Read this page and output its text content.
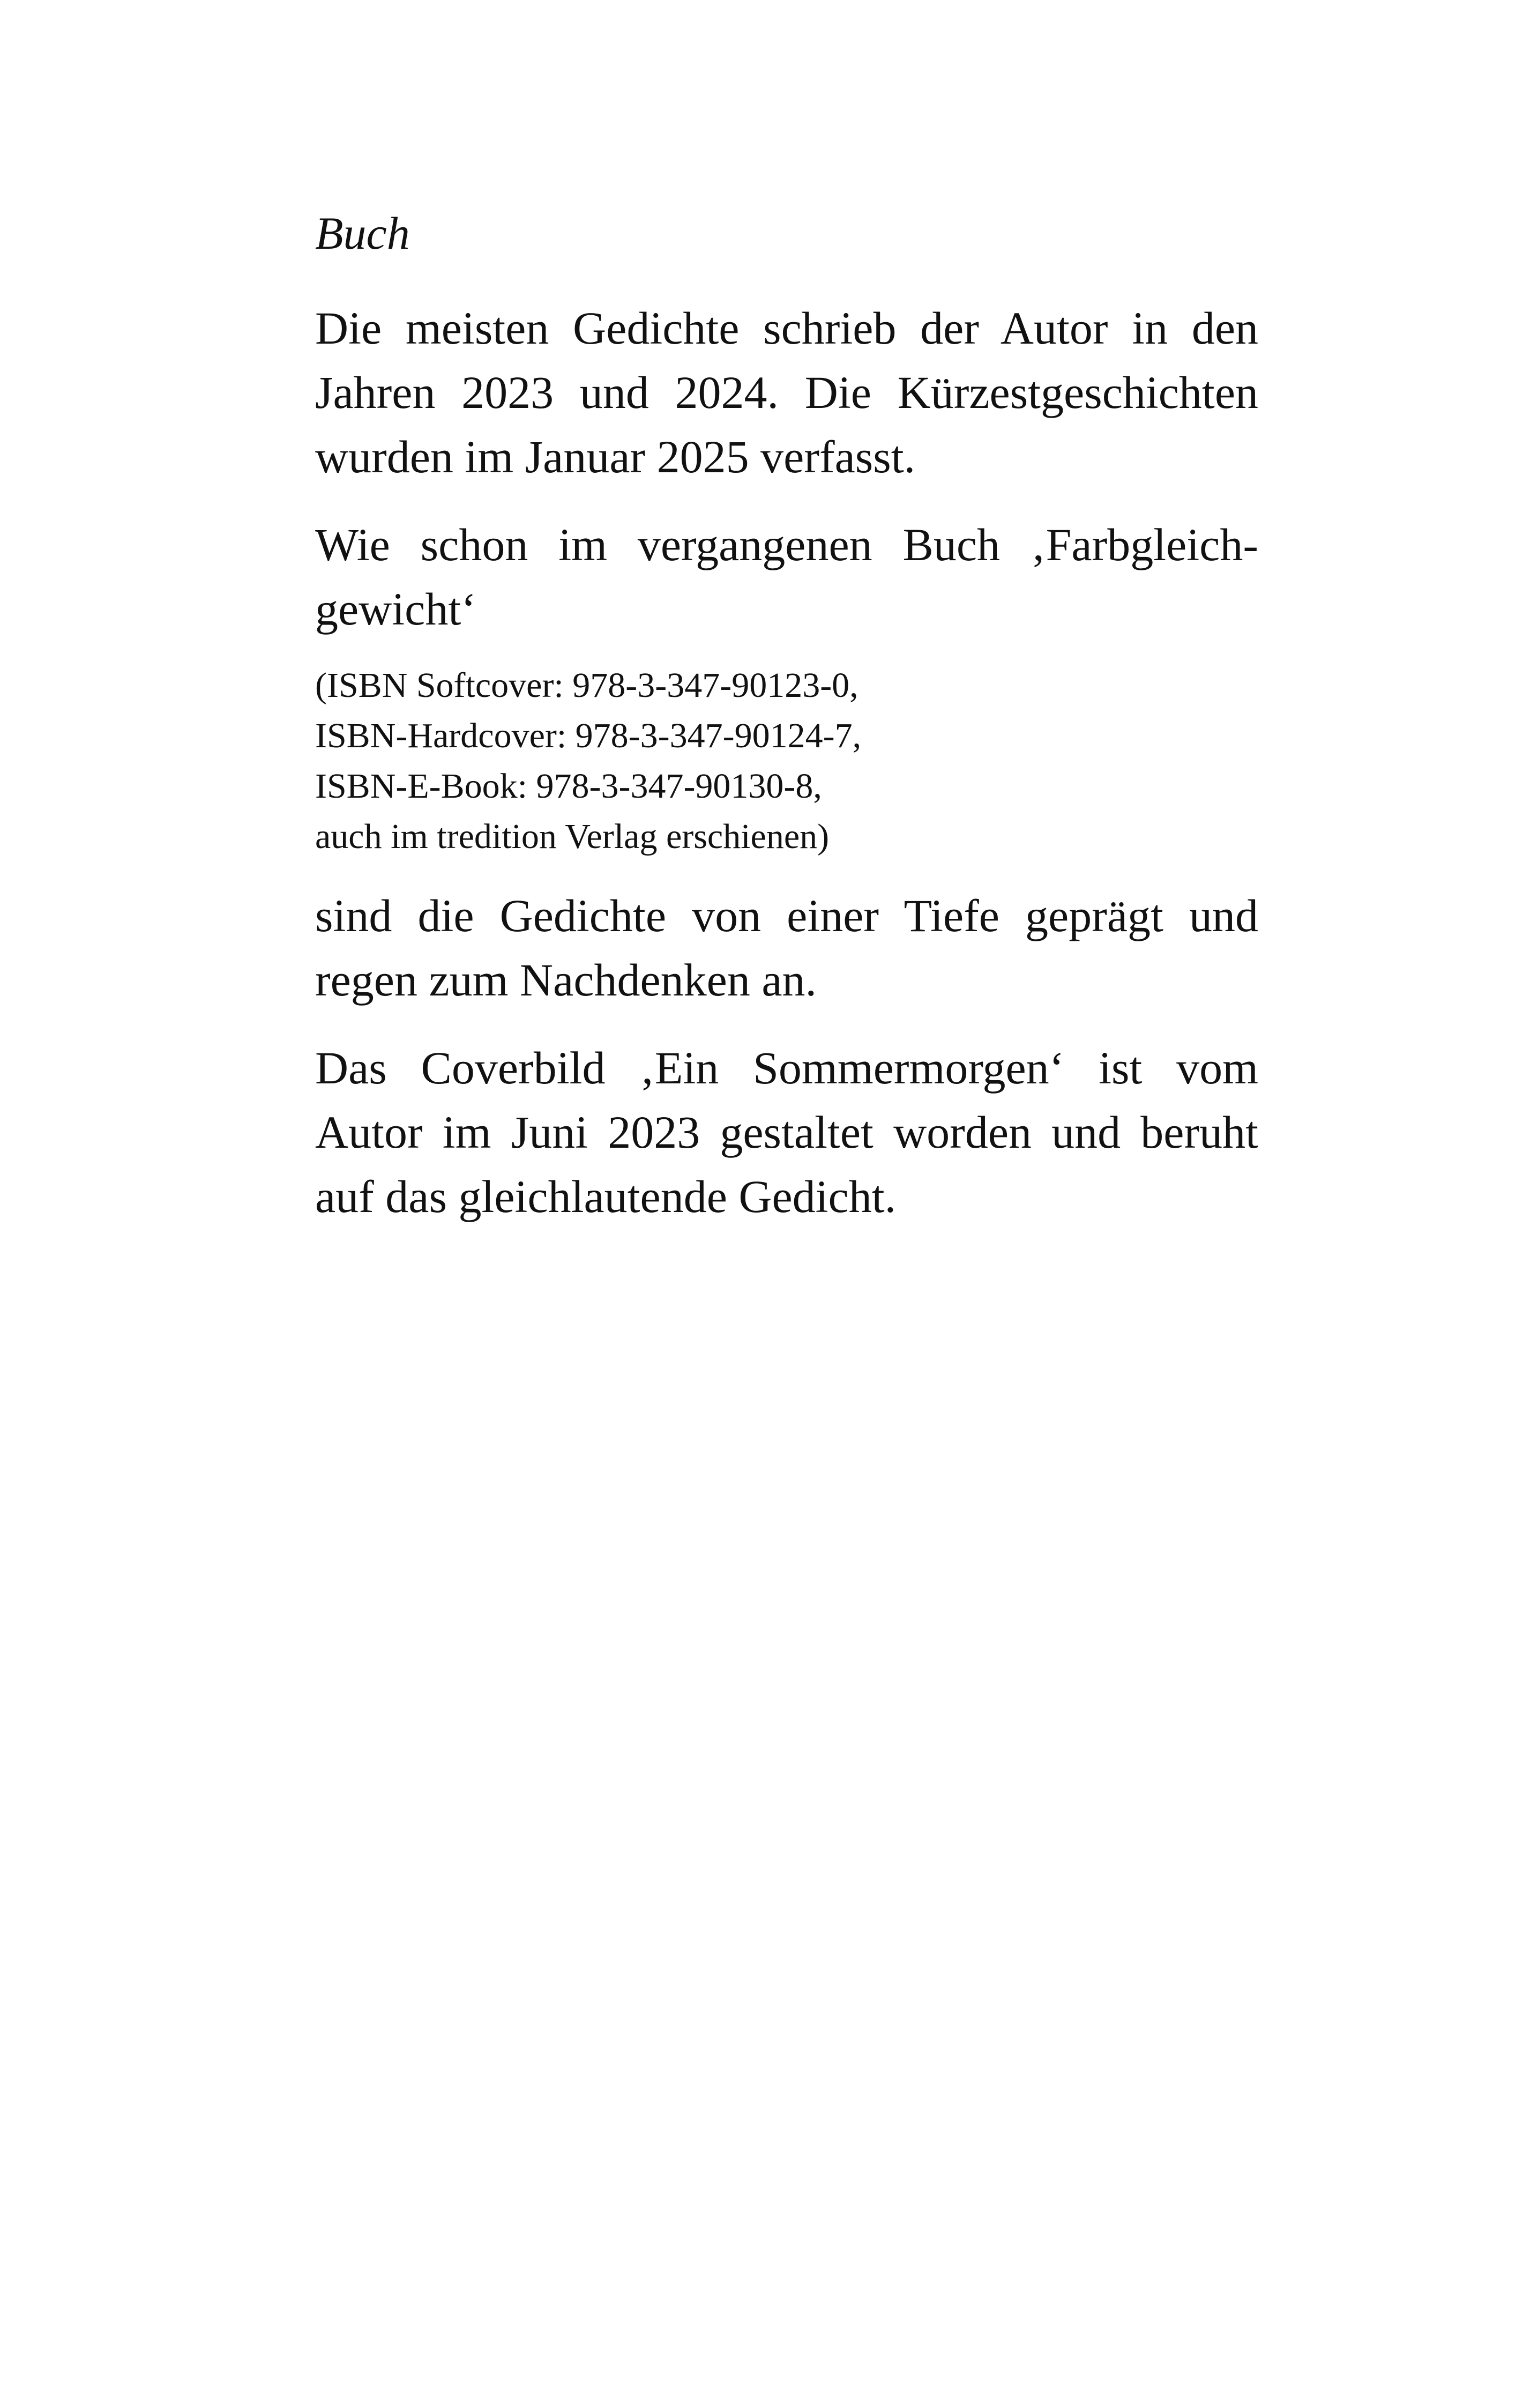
Buch
Die meisten Gedichte schrieb der Autor in den
Jahren 2023 und 2024. Die Kürzestgeschichten
wurden im Januar 2025 verfasst.
Wie schon im vergangenen Buch ‚Farbgleich-
gewicht‘
(ISBN Softcover: 978-3-347-90123-0,
ISBN-Hardcover: 978-3-347-90124-7,
ISBN-E-Book: 978-3-347-90130-8,
auch im tredition Verlag erschienen)
sind die Gedichte von einer Tiefe geprägt und
regen zum Nachdenken an.
Das Coverbild ‚Ein Sommermorgen‘ ist vom
Autor im Juni 2023 gestaltet worden und beruht
auf das gleichlautende Gedicht.
